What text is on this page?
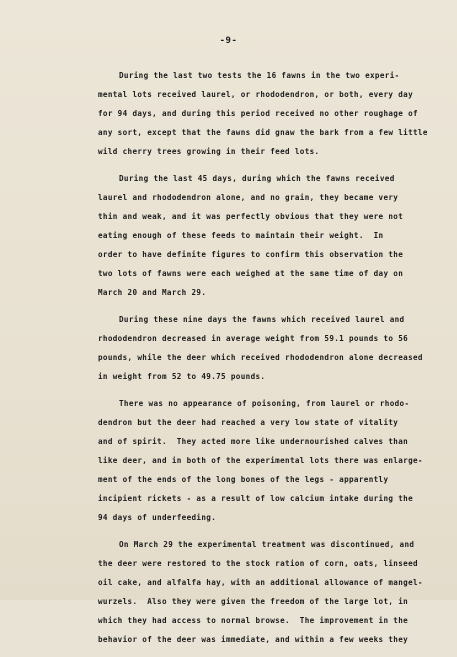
-9-
During the last two tests the 16 fawns in the two experi-
mental lots received laurel, or rhododendron, or both, every day
for 94 days, and during this period received no other roughage of
any sort, except that the fawns did gnaw the bark from a few little
wild cherry trees growing in their feed lots.
During the last 45 days, during which the fawns received
laurel and rhododendron alone, and no grain, they became very
thin and weak, and it was perfectly obvious that they were not
eating enough of these feeds to maintain their weight.  In
order to have definite figures to confirm this observation the
two lots of fawns were each weighed at the same time of day on
March 20 and March 29.
During these nine days the fawns which received laurel and
rhododendron decreased in average weight from 59.1 pounds to 56
pounds, while the deer which received rhododendron alone decreased
in weight from 52 to 49.75 pounds.
There was no appearance of poisoning, from laurel or rhodo-
dendron but the deer had reached a very low state of vitality
and of spirit.  They acted more like undernourished calves than
like deer, and in both of the experimental lots there was enlarge-
ment of the ends of the long bones of the legs - apparently
incipient rickets - as a result of low calcium intake during the
94 days of underfeeding.
On March 29 the experimental treatment was discontinued, and
the deer were restored to the stock ration of corn, oats, linseed
oil cake, and alfalfa hay, with an additional allowance of mangel-
wurzels.  Also they were given the freedom of the large lot, in
which they had access to normal browse.  The improvement in the
behavior of the deer was immediate, and within a few weeks they
